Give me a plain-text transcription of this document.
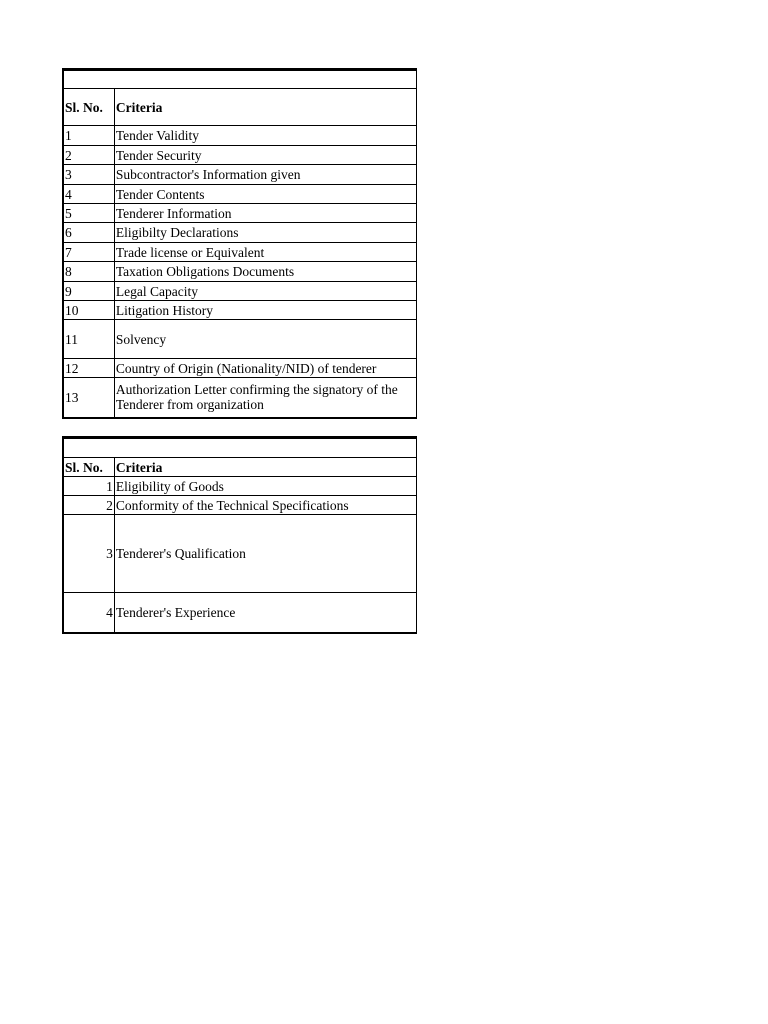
Sl. No.	Criteria
1	Tender Validity
2	Tender Security
3	Subcontractor's Information given
4	Tender Contents
5	Tenderer Information
6	Eligibilty Declarations
7	Trade license or Equivalent
8	Taxation Obligations Documents
9	Legal Capacity
10	Litigation History
11	Solvency
12	Country of Origin (Nationality/NID) of tenderer
13	Authorization Letter confirming the signatory of the Tenderer from organization

Sl. No.	Criteria
1	Eligibility of Goods
2	Conformity of the Technical Specifications
3	Tenderer's Qualification
4	Tenderer's Experience
